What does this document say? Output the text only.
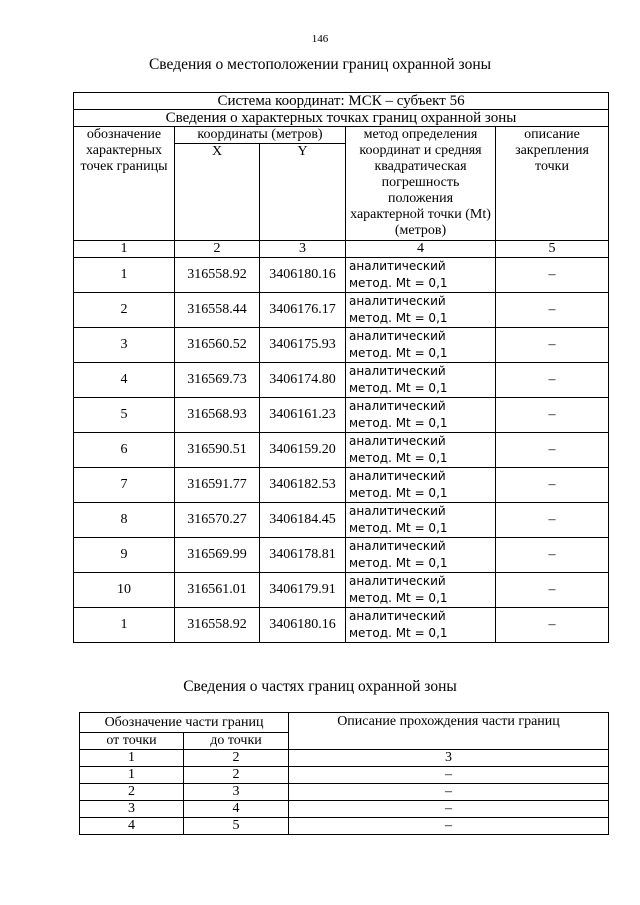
146
Сведения о местоположении границ охранной зоны
Система координат: МСК – субъект 56				
Сведения о характерных точках границ охранной зоны				
обозначение характерных точек границы	координаты (метров)		метод определения координат и средняя квадратическая погрешность положения характерной точки (Mt) (метров)	описание закрепления точки
	X	Y		
1	2	3	4	5
1	316558.92	3406180.16	аналитический
метод. Mt = 0,1	–
2	316558.44	3406176.17	аналитический
метод. Mt = 0,1	–
3	316560.52	3406175.93	аналитический
метод. Mt = 0,1	–
4	316569.73	3406174.80	аналитический
метод. Mt = 0,1	–
5	316568.93	3406161.23	аналитический
метод. Mt = 0,1	–
6	316590.51	3406159.20	аналитический
метод. Mt = 0,1	–
7	316591.77	3406182.53	аналитический
метод. Mt = 0,1	–
8	316570.27	3406184.45	аналитический
метод. Mt = 0,1	–
9	316569.99	3406178.81	аналитический
метод. Mt = 0,1	–
10	316561.01	3406179.91	аналитический
метод. Mt = 0,1	–
1	316558.92	3406180.16	аналитический
метод. Mt = 0,1	–
Сведения о частях границ охранной зоны
Обозначение части границ		Описание прохождения части границ
от точки	до точки	
1	2	3
1	2	–
2	3	–
3	4	–
4	5	–
